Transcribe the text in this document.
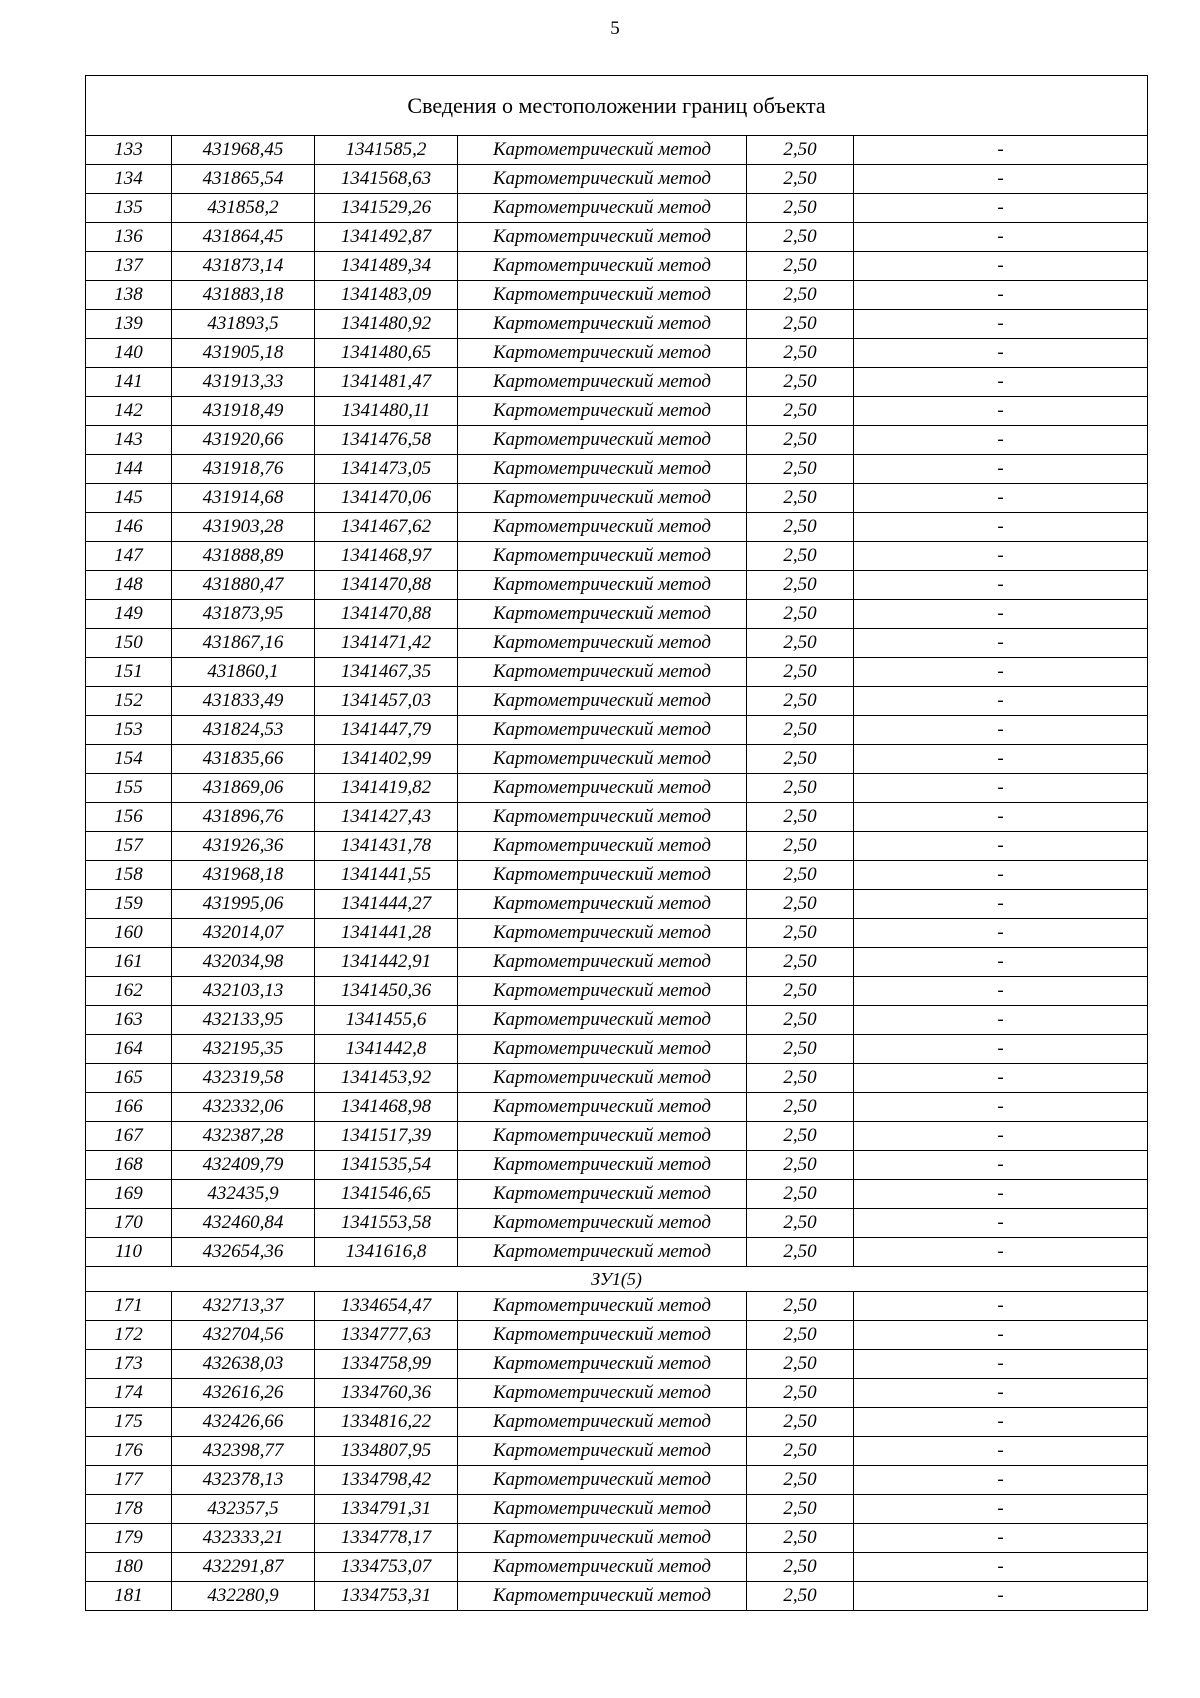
5
Сведения о местоположении границ объекта					
133	431968,45	1341585,2	Картометрический метод	2,50	-
134	431865,54	1341568,63	Картометрический метод	2,50	-
135	431858,2	1341529,26	Картометрический метод	2,50	-
136	431864,45	1341492,87	Картометрический метод	2,50	-
137	431873,14	1341489,34	Картометрический метод	2,50	-
138	431883,18	1341483,09	Картометрический метод	2,50	-
139	431893,5	1341480,92	Картометрический метод	2,50	-
140	431905,18	1341480,65	Картометрический метод	2,50	-
141	431913,33	1341481,47	Картометрический метод	2,50	-
142	431918,49	1341480,11	Картометрический метод	2,50	-
143	431920,66	1341476,58	Картометрический метод	2,50	-
144	431918,76	1341473,05	Картометрический метод	2,50	-
145	431914,68	1341470,06	Картометрический метод	2,50	-
146	431903,28	1341467,62	Картометрический метод	2,50	-
147	431888,89	1341468,97	Картометрический метод	2,50	-
148	431880,47	1341470,88	Картометрический метод	2,50	-
149	431873,95	1341470,88	Картометрический метод	2,50	-
150	431867,16	1341471,42	Картометрический метод	2,50	-
151	431860,1	1341467,35	Картометрический метод	2,50	-
152	431833,49	1341457,03	Картометрический метод	2,50	-
153	431824,53	1341447,79	Картометрический метод	2,50	-
154	431835,66	1341402,99	Картометрический метод	2,50	-
155	431869,06	1341419,82	Картометрический метод	2,50	-
156	431896,76	1341427,43	Картометрический метод	2,50	-
157	431926,36	1341431,78	Картометрический метод	2,50	-
158	431968,18	1341441,55	Картометрический метод	2,50	-
159	431995,06	1341444,27	Картометрический метод	2,50	-
160	432014,07	1341441,28	Картометрический метод	2,50	-
161	432034,98	1341442,91	Картометрический метод	2,50	-
162	432103,13	1341450,36	Картометрический метод	2,50	-
163	432133,95	1341455,6	Картометрический метод	2,50	-
164	432195,35	1341442,8	Картометрический метод	2,50	-
165	432319,58	1341453,92	Картометрический метод	2,50	-
166	432332,06	1341468,98	Картометрический метод	2,50	-
167	432387,28	1341517,39	Картометрический метод	2,50	-
168	432409,79	1341535,54	Картометрический метод	2,50	-
169	432435,9	1341546,65	Картометрический метод	2,50	-
170	432460,84	1341553,58	Картометрический метод	2,50	-
110	432654,36	1341616,8	Картометрический метод	2,50	-
ЗУ1(5)					
171	432713,37	1334654,47	Картометрический метод	2,50	-
172	432704,56	1334777,63	Картометрический метод	2,50	-
173	432638,03	1334758,99	Картометрический метод	2,50	-
174	432616,26	1334760,36	Картометрический метод	2,50	-
175	432426,66	1334816,22	Картометрический метод	2,50	-
176	432398,77	1334807,95	Картометрический метод	2,50	-
177	432378,13	1334798,42	Картометрический метод	2,50	-
178	432357,5	1334791,31	Картометрический метод	2,50	-
179	432333,21	1334778,17	Картометрический метод	2,50	-
180	432291,87	1334753,07	Картометрический метод	2,50	-
181	432280,9	1334753,31	Картометрический метод	2,50	-
